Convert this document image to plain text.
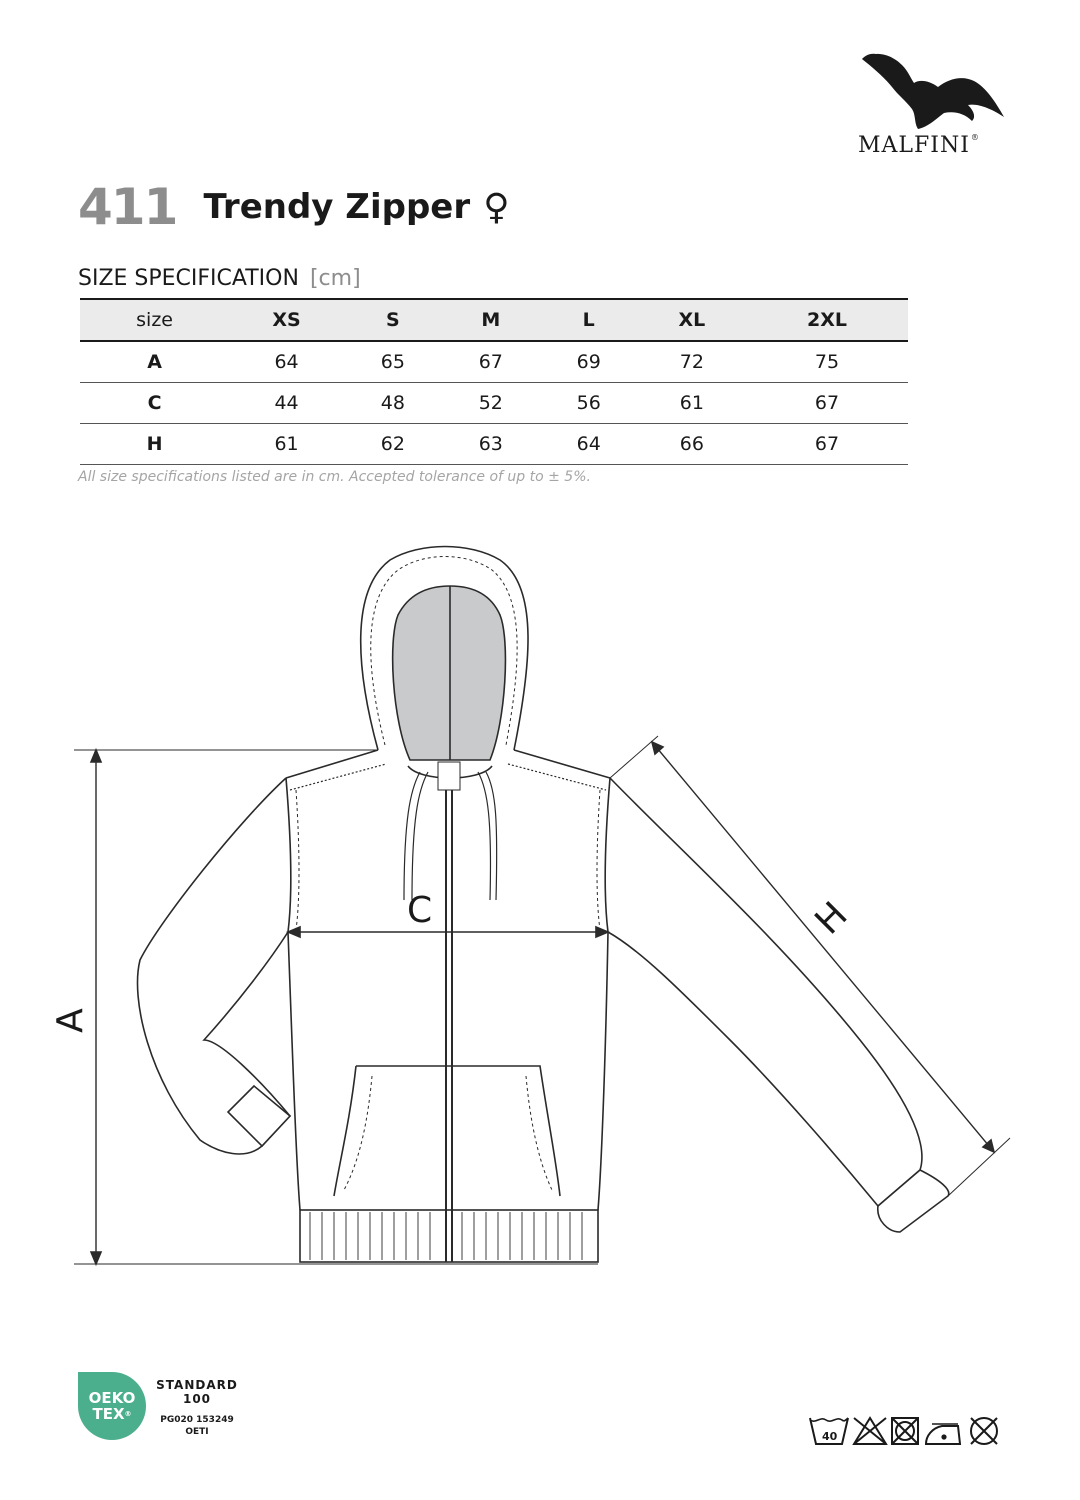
MALFINI®
411 Trendy Zipper ♀
SIZE SPECIFICATION [cm]
size	XS	S	M	L	XL	2XL
A	64	65	67	69	72	75
C	44	48	52	56	61	67
H	61	62	63	64	66	67
All size specifications listed are in cm. Accepted tolerance of up to ± 5%.
A
C	H
OEKO
TEX®
STANDARD
100
PG020 153249
OETI	40
